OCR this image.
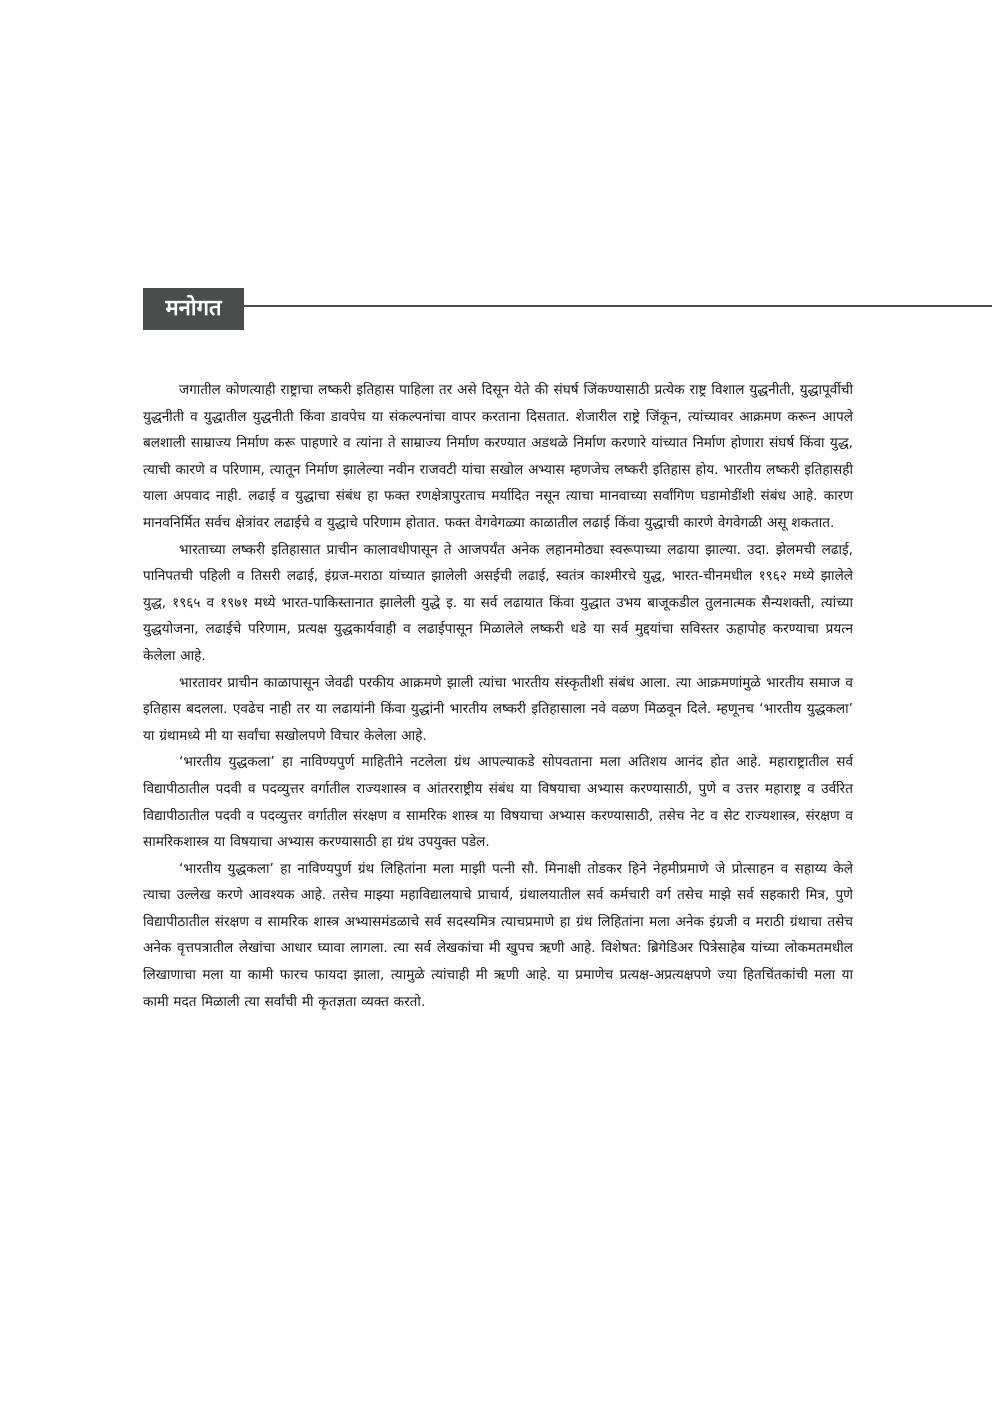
मनोगत

जगातील कोणत्याही राष्ट्राचा लष्करी इतिहास पाहिला तर असे दिसून येते की संघर्ष जिंकण्यासाठी प्रत्येक राष्ट्र विशाल युद्धनीती, युद्धापूर्वीची युद्धनीती व युद्धातील युद्धनीती किंवा डावपेच या संकल्पनांचा वापर करताना दिसतात. शेजारील राष्ट्रे जिंकून, त्यांच्यावर आक्रमण करून आपले बलशाली साम्राज्य निर्माण करू पाहणारे व त्यांना ते साम्राज्य निर्माण करण्यात अडथळे निर्माण करणारे यांच्यात निर्माण होणारा संघर्ष किंवा युद्ध, त्याची कारणे व परिणाम, त्यातून निर्माण झालेल्या नवीन राजवटी यांचा सखोल अभ्यास म्हणजेच लष्करी इतिहास होय. भारतीय लष्करी इतिहासही याला अपवाद नाही. लढाई व युद्धाचा संबंध हा फक्त रणक्षेत्रापुरताच मर्यादित नसून त्याचा मानवाच्या सर्वांगिण घडामोडींशी संबंध आहे. कारण मानवनिर्मित सर्वच क्षेत्रांवर लढाईचे व युद्धाचे परिणाम होतात. फक्त वेगवेगळ्या काळातील लढाई किंवा युद्धाची कारणे वेगवेगळी असू शकतात.

भारताच्या लष्करी इतिहासात प्राचीन कालावधीपासून ते आजपर्यंत अनेक लहानमोठ्या स्वरूपाच्या लढाया झाल्या. उदा. झेलमची लढाई, पानिपतची पहिली व तिसरी लढाई, इंग्रज-मराठा यांच्यात झालेली असईची लढाई, स्वतंत्र काश्मीरचे युद्ध, भारत-चीनमधील १९६२ मध्ये झालेले युद्ध, १९६५ व १९७१ मध्ये भारत-पाकिस्तानात झालेली युद्धे इ. या सर्व लढायात किंवा युद्धात उभय बाजूकडील तुलनात्मक सैन्यशक्ती, त्यांच्या युद्धयोजना, लढाईचे परिणाम, प्रत्यक्ष युद्धकार्यवाही व लढाईपासून मिळालेले लष्करी धडे या सर्व मुद्दयांचा सविस्तर ऊहापोह करण्याचा प्रयत्न केलेला आहे.

भारतावर प्राचीन काळापासून जेवढी परकीय आक्रमणे झाली त्यांचा भारतीय संस्कृतीशी संबंध आला. त्या आक्रमणांमुळे भारतीय समाज व इतिहास बदलला. एवढेच नाही तर या लढायांनी किंवा युद्धांनी भारतीय लष्करी इतिहासाला नवे वळण मिळवून दिले. म्हणूनच ‘भारतीय युद्धकला’ या ग्रंथामध्ये मी या सर्वांचा सखोलपणे विचार केलेला आहे.

‘भारतीय युद्धकला’ हा नाविण्यपुर्ण माहितीने नटलेला ग्रंथ आपल्याकडे सोपवताना मला अतिशय आनंद होत आहे. महाराष्ट्रातील सर्व विद्यापीठातील पदवी व पदव्युत्तर वर्गातील राज्यशास्त्र व आंतरराष्ट्रीय संबंध या विषयाचा अभ्यास करण्यासाठी, पुणे व उत्तर महाराष्ट्र व उर्वरित विद्यापीठातील पदवी व पदव्युत्तर वर्गातील संरक्षण व सामरिक शास्त्र या विषयाचा अभ्यास करण्यासाठी, तसेच नेट व सेट राज्यशास्त्र, संरक्षण व सामरिकशास्त्र या विषयाचा अभ्यास करण्यासाठी हा ग्रंथ उपयुक्त पडेल.

‘भारतीय युद्धकला’ हा नाविण्यपुर्ण ग्रंथ लिहितांना मला माझी पत्नी सौ. मिनाक्षी तोडकर हिने नेहमीप्रमाणे जे प्रोत्साहन व सहाय्य केले त्याचा उल्लेख करणे आवश्यक आहे. तसेच माझ्या महाविद्यालयाचे प्राचार्य, ग्रंथालयातील सर्व कर्मचारी वर्ग तसेच माझे सर्व सहकारी मित्र, पुणे विद्यापीठातील संरक्षण व सामरिक शास्त्र अभ्यासमंडळाचे सर्व सदस्यमित्र त्याचप्रमाणे हा ग्रंथ लिहितांना मला अनेक इंग्रजी व मराठी ग्रंथाचा तसेच अनेक वृत्तपत्रातील लेखांचा आधार घ्यावा लागला. त्या सर्व लेखकांचा मी खुपच ऋणी आहे. विशेषत: ब्रिगेडिअर पित्रेसाहेब यांच्या लोकमतमधील लिखाणाचा मला या कामी फारच फायदा झाला, त्यामुळे त्यांचाही मी ऋणी आहे. या प्रमाणेच प्रत्यक्ष-अप्रत्यक्षपणे ज्या हितचिंतकांची मला या कामी मदत मिळाली त्या सर्वांची मी कृतज्ञता व्यक्त करतो.
